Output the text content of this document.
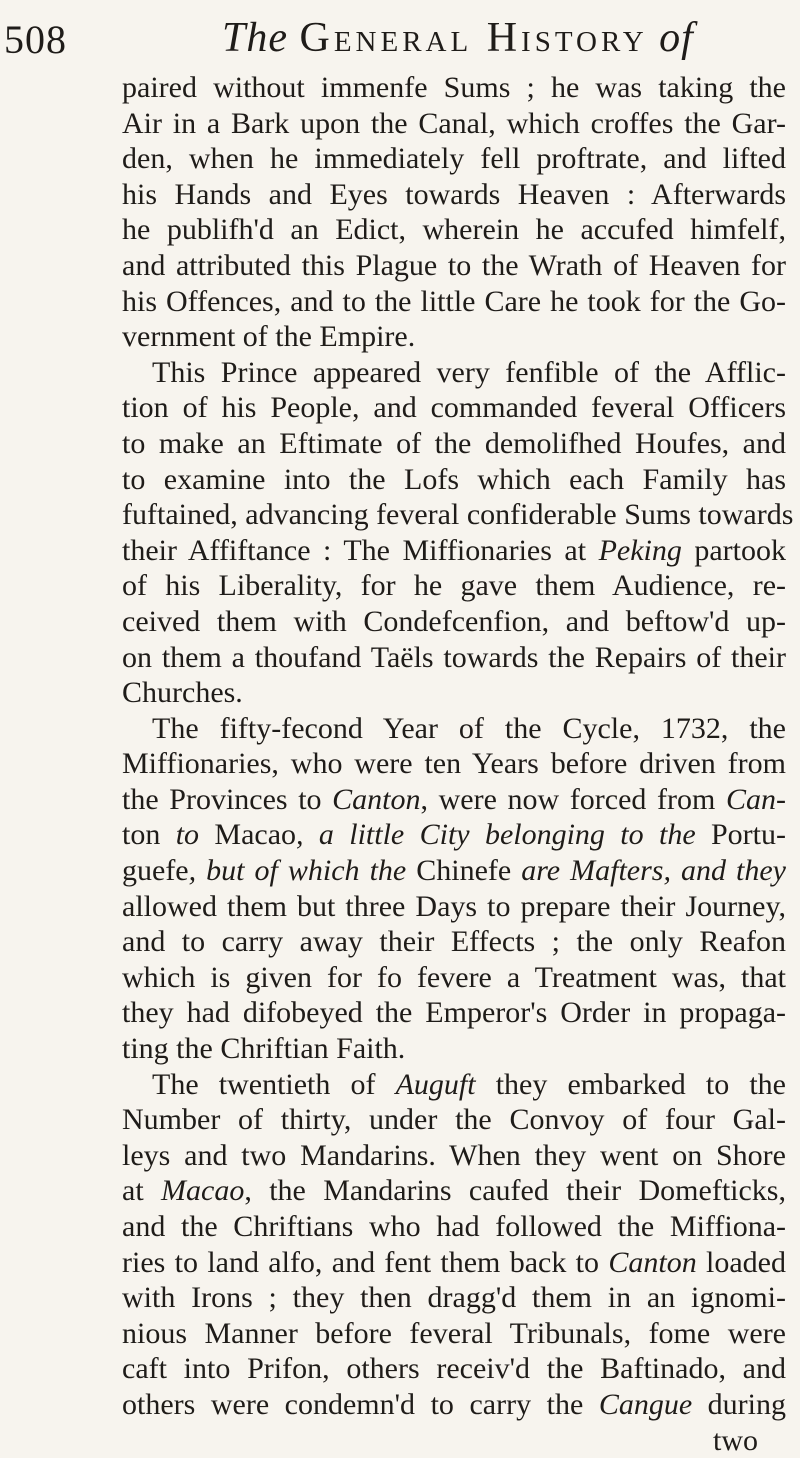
508	The General History of
paired without immenfe Sums ; he was taking the
Air in a Bark upon the Canal, which croffes the Gar-
den, when he immediately fell proftrate, and lifted
his Hands and Eyes towards Heaven : Afterwards
he publifh'd an Edict, wherein he accufed himfelf,
and attributed this Plague to the Wrath of Heaven for
his Offences, and to the little Care he took for the Go-
vernment of the Empire.
This Prince appeared very fenfible of the Afflic-
tion of his People, and commanded feveral Officers
to make an Eftimate of the demolifhed Houfes, and
to examine into the Lofs which each Family has
fuftained, advancing feveral confiderable Sums towards
their Affiftance : The Miffionaries at Peking partook
of his Liberality, for he gave them Audience, re-
ceived them with Condefcenfion, and beftow'd up-
on them a thoufand Taëls towards the Repairs of their
Churches.
The fifty-fecond Year of the Cycle, 1732, the
Miffionaries, who were ten Years before driven from
the Provinces to Canton, were now forced from Can-
ton to Macao, a little City belonging to the Portu-
guefe, but of which the Chinefe are Mafters, and they
allowed them but three Days to prepare their Journey,
and to carry away their Effects ; the only Reafon
which is given for fo fevere a Treatment was, that
they had difobeyed the Emperor's Order in propaga-
ting the Chriftian Faith.
The twentieth of Auguft they embarked to the
Number of thirty, under the Convoy of four Gal-
leys and two Mandarins. When they went on Shore
at Macao, the Mandarins caufed their Domefticks,
and the Chriftians who had followed the Miffiona-
ries to land alfo, and fent them back to Canton loaded
with Irons ; they then dragg'd them in an ignomi-
nious Manner before feveral Tribunals, fome were
caft into Prifon, others receiv'd the Baftinado, and
others were condemn'd to carry the Cangue during
two
